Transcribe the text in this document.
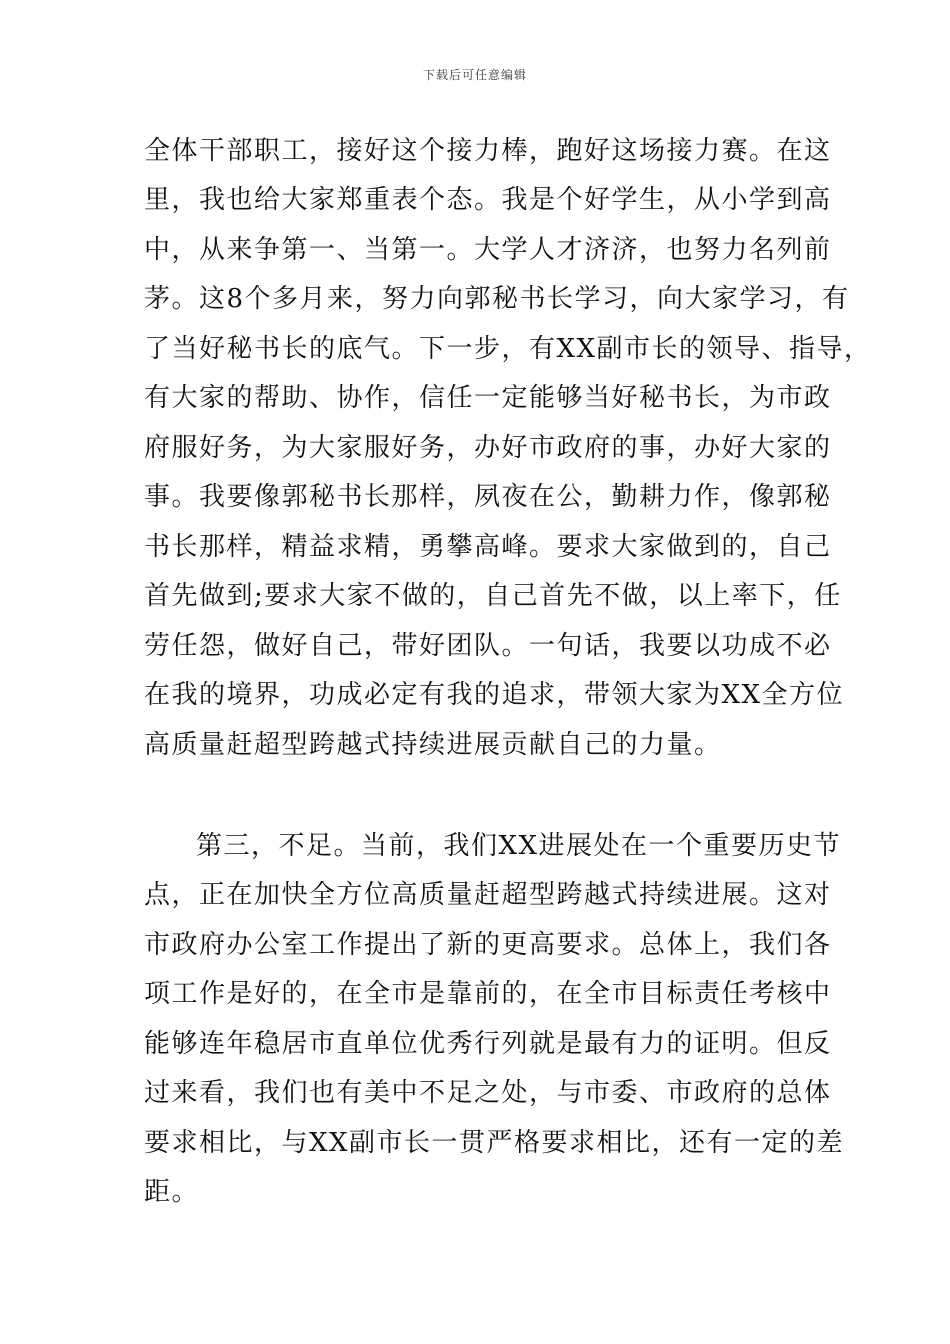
下载后可任意编辑
全体干部职工，接好这个接力棒，跑好这场接力赛。在这
里，我也给大家郑重表个态。我是个好学生，从小学到高
中，从来争第一、当第一。大学人才济济，也努力名列前
茅。这8个多月来，努力向郭秘书长学习，向大家学习，有
了当好秘书长的底气。下一步，有XX副市长的领导、指导，
有大家的帮助、协作，信任一定能够当好秘书长，为市政
府服好务，为大家服好务，办好市政府的事，办好大家的
事。我要像郭秘书长那样，夙夜在公，勤耕力作，像郭秘
书长那样，精益求精，勇攀高峰。要求大家做到的，自己
首先做到;要求大家不做的，自己首先不做，以上率下，任
劳任怨，做好自己，带好团队。一句话，我要以功成不必
在我的境界，功成必定有我的追求，带领大家为XX全方位
高质量赶超型跨越式持续进展贡献自己的力量。
第三，不足。当前，我们XX进展处在一个重要历史节
点，正在加快全方位高质量赶超型跨越式持续进展。这对
市政府办公室工作提出了新的更高要求。总体上，我们各
项工作是好的，在全市是靠前的，在全市目标责任考核中
能够连年稳居市直单位优秀行列就是最有力的证明。但反
过来看，我们也有美中不足之处，与市委、市政府的总体
要求相比，与XX副市长一贯严格要求相比，还有一定的差
距。
